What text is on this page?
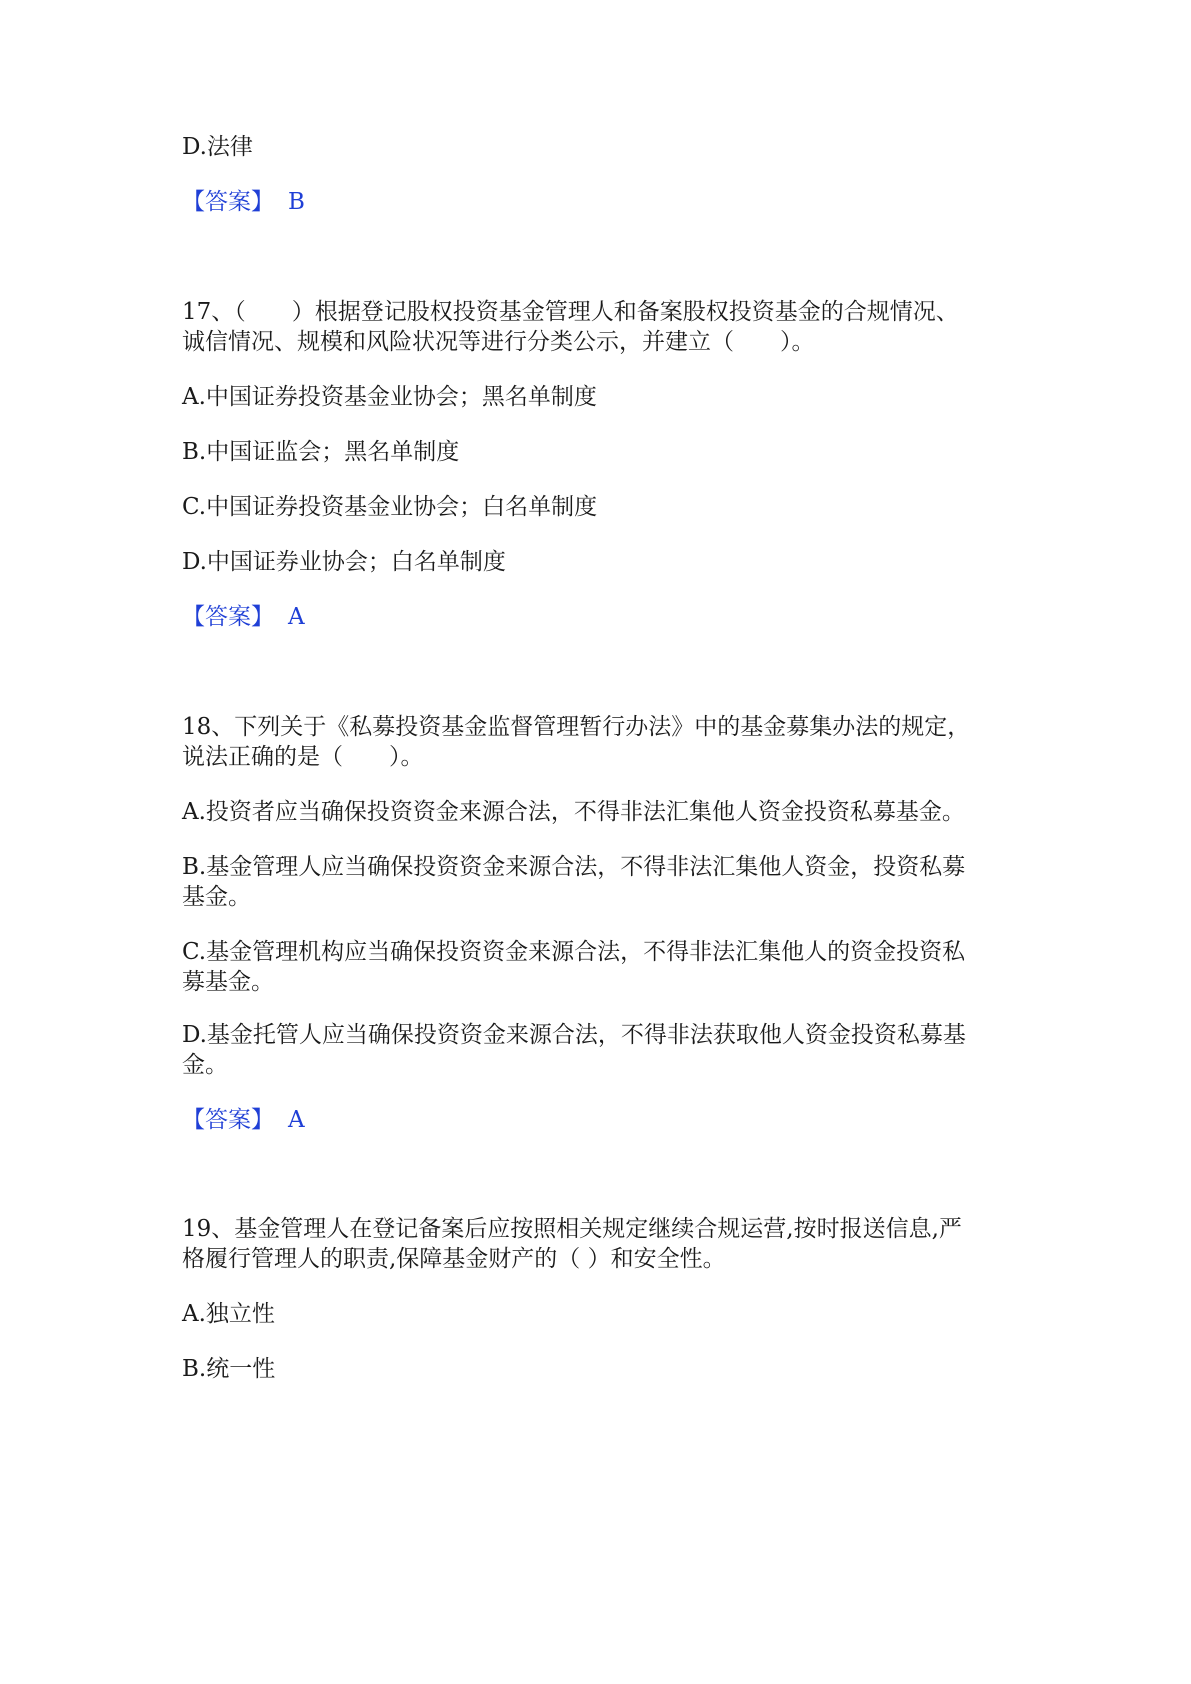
D.法律
【答案】 B
17、（　　）根据登记股权投资基金管理人和备案股权投资基金的合规情况、
诚信情况、规模和风险状况等进行分类公示，并建立（　　）。
A.中国证券投资基金业协会；黑名单制度
B.中国证监会；黑名单制度
C.中国证券投资基金业协会；白名单制度
D.中国证券业协会；白名单制度
【答案】 A
18、下列关于《私募投资基金监督管理暂行办法》中的基金募集办法的规定，
说法正确的是（　　）。
A.投资者应当确保投资资金来源合法，不得非法汇集他人资金投资私募基金。
B.基金管理人应当确保投资资金来源合法，不得非法汇集他人资金，投资私募
基金。
C.基金管理机构应当确保投资资金来源合法，不得非法汇集他人的资金投资私
募基金。
D.基金托管人应当确保投资资金来源合法，不得非法获取他人资金投资私募基
金。
【答案】 A
19、基金管理人在登记备案后应按照相关规定继续合规运营,按时报送信息,严
格履行管理人的职责,保障基金财产的（ ）和安全性。
A.独立性
B.统一性
